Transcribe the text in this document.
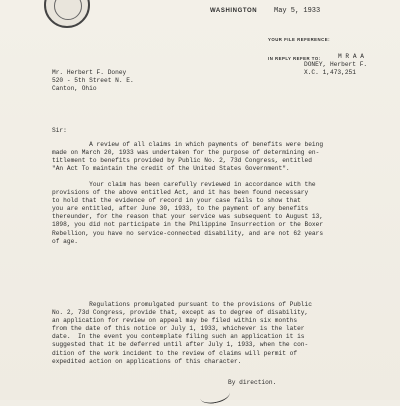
WASHINGTON May 5, 1933
YOUR FILE REFERENCE:
IN REPLY REFER TO:	M R A A
DONEY, Herbert F.
X.C. 1,473,251
Mr. Herbert F. Doney
520 - 5th Street N. E.
Canton, Ohio
Sir:
A review of all claims in which payments of benefits were being
made on March 20, 1933 was undertaken for the purpose of determining en-
titlement to benefits provided by Public No. 2, 73d Congress, entitled
"An Act To maintain the credit of the United States Government".
Your claim has been carefully reviewed in accordance with the
provisions of the above entitled Act, and it has been found necessary
to hold that the evidence of record in your case fails to show that
you are entitled, after June 30, 1933, to the payment of any benefits
thereunder, for the reason that your service was subsequent to August 13,
1898, you did not participate in the Philippine Insurrection or the Boxer
Rebellion, you have no service-connected disability, and are not 62 years
of age.
Regulations promulgated pursuant to the provisions of Public
No. 2, 73d Congress, provide that, except as to degree of disability,
an application for review on appeal may be filed within six months
from the date of this notice or July 1, 1933, whichever is the later
date.  In the event you contemplate filing such an application it is
suggested that it be deferred until after July 1, 1933, when the con-
dition of the work incident to the review of claims will permit of
expedited action on applications of this character.
By direction.
